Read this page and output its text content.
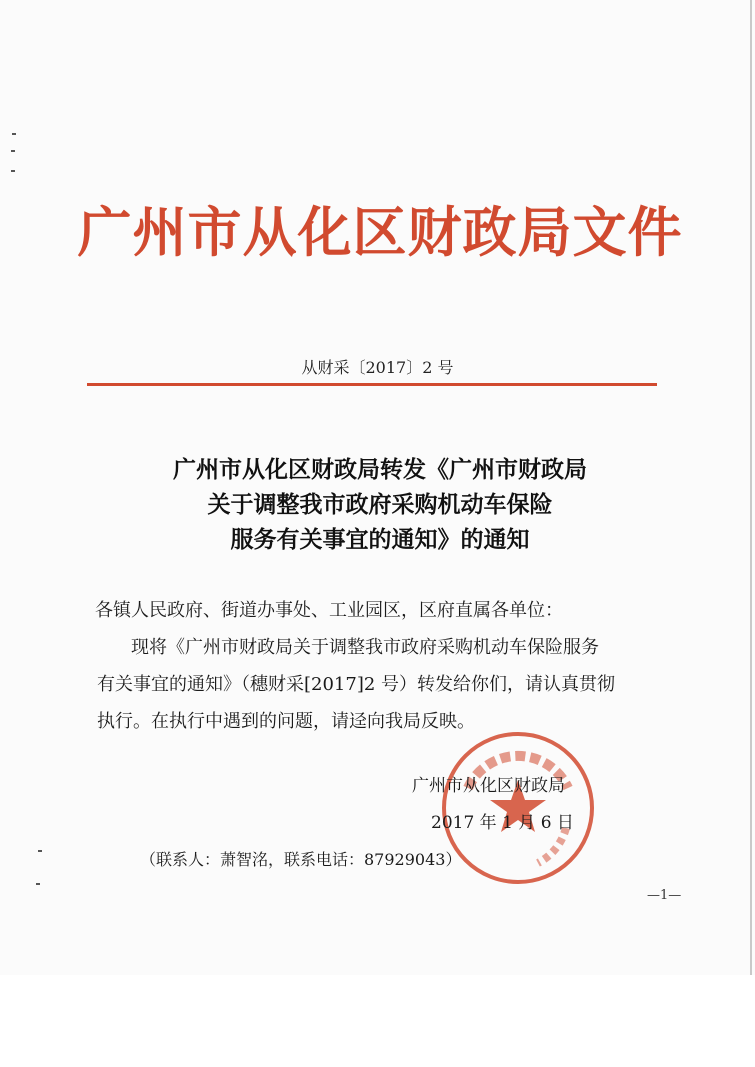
广州市从化区财政局文件
从财采〔2017〕2 号
广州市从化区财政局转发《广州市财政局
关于调整我市政府采购机动车保险
服务有关事宜的通知》的通知
各镇人民政府、街道办事处、工业园区，区府直属各单位：
现将《广州市财政局关于调整我市政府采购机动车保险服务
有关事宜的通知》（穗财采[2017]2 号）转发给你们，请认真贯彻
执行。在执行中遇到的问题，请迳向我局反映。
广州市从化区财政局
2017 年 1 月 6 日
（联系人：萧智洺，联系电话：87929043）
—1—
